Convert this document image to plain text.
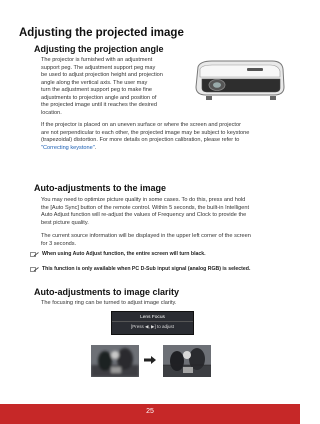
Adjusting the projected image
Adjusting the projection angle
The projector is furnished with an adjustment
support peg. The adjustment support peg may
be used to adjust projection height and projection
angle along the vertical axis. The user may
turn the adjustment support peg to make fine
adjustments to projection angle and position of
the projected image until it reaches the desired
location.
If the projector is placed on an uneven surface or where the screen and projector
are not perpendicular to each other, the projected image may be subject to keystone
(trapezoidal) distortion. For more details on projection calibration, please refer to
"Correcting keystone".
Auto-adjustments to the image
You may need to optimize picture quality in some cases. To do this, press and hold
the [Auto Sync] button of the remote control. Within 5 seconds, the built-in Intelligent
Auto Adjust function will re-adjust the values of Frequency and Clock to provide the
best picture quality.
The current source information will be displayed in the upper left corner of the screen
for 3 seconds.
When using Auto Adjust function, the entire screen will turn black.
This function is only available when PC D-Sub input signal (analog RGB) is selected.
Auto-adjustments to image clarity
The focusing ring can be turned to adjust image clarity.
Lens Focus
[Press ◀, ▶] to adjust
25
